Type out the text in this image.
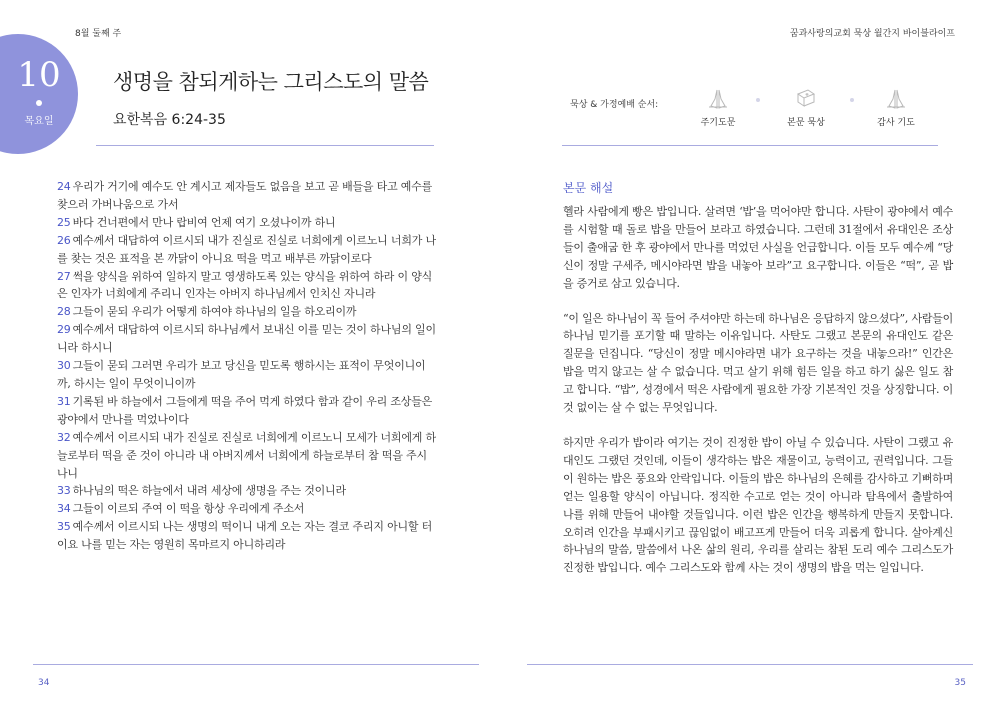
8월 둘째 주
10
목요일
생명을 참되게하는 그리스도의 말씀
요한복음 6:24-35
24 우리가 거기에 예수도 안 계시고 제자들도 없음을 보고 곧 배들을 타고 예수를 찾으러 가버나움으로 가서
25 바다 건너편에서 만나 랍비여 언제 여기 오셨나이까 하니
26 예수께서 대답하여 이르시되 내가 진실로 진실로 너희에게 이르노니 너희가 나를 찾는 것은 표적을 본 까닭이 아니요 떡을 먹고 배부른 까닭이로다
27 썩을 양식을 위하여 일하지 말고 영생하도록 있는 양식을 위하여 하라 이 양식은 인자가 너희에게 주리니 인자는 아버지 하나님께서 인치신 자니라
28 그들이 묻되 우리가 어떻게 하여야 하나님의 일을 하오리이까
29 예수께서 대답하여 이르시되 하나님께서 보내신 이를 믿는 것이 하나님의 일이니라 하시니
30 그들이 묻되 그러면 우리가 보고 당신을 믿도록 행하시는 표적이 무엇이니이까, 하시는 일이 무엇이니이까
31 기록된 바 하늘에서 그들에게 떡을 주어 먹게 하였다 함과 같이 우리 조상들은 광야에서 만나를 먹었나이다
32 예수께서 이르시되 내가 진실로 진실로 너희에게 이르노니 모세가 너희에게 하늘로부터 떡을 준 것이 아니라 내 아버지께서 너희에게 하늘로부터 참 떡을 주시나니
33 하나님의 떡은 하늘에서 내려 세상에 생명을 주는 것이니라
34 그들이 이르되 주여 이 떡을 항상 우리에게 주소서
35 예수께서 이르시되 나는 생명의 떡이니 내게 오는 자는 결코 주리지 아니할 터이요 나를 믿는 자는 영원히 목마르지 아니하리라
34
꿈과사랑의교회 묵상 월간지 바이블라이프
묵상 & 가정예배 순서:
주기도문	본문 묵상	감사 기도
본문 해설

헬라 사람에게 빵은 밥입니다. 살려면 ‘밥’을 먹어야만 합니다. 사탄이 광야에서 예수를 시험할 때 돌로 밥을 만들어 보라고 하였습니다. 그런데 31절에서 유대인은 조상들이 출애굽 한 후 광야에서 만나를 먹었던 사실을 언급합니다. 이들 모두 예수께 “당신이 정말 구세주, 메시야라면 밥을 내놓아 보라”고 요구합니다. 이들은 “떡”, 곧 밥을 증거로 삼고 있습니다.

“이 일은 하나님이 꼭 들어 주셔야만 하는데 하나님은 응답하지 않으셨다”, 사람들이 하나님 믿기를 포기할 때 말하는 이유입니다. 사탄도 그랬고 본문의 유대인도 같은 질문을 던집니다. “당신이 정말 메시야라면 내가 요구하는 것을 내놓으라!” 인간은 밥을 먹지 않고는 살 수 없습니다. 먹고 살기 위해 힘든 일을 하고 하기 싫은 일도 참고 합니다. “밥”, 성경에서 떡은 사람에게 필요한 가장 기본적인 것을 상징합니다. 이것 없이는 살 수 없는 무엇입니다.

하지만 우리가 밥이라 여기는 것이 진정한 밥이 아닐 수 있습니다. 사탄이 그랬고 유대인도 그랬던 것인데, 이들이 생각하는 밥은 재물이고, 능력이고, 권력입니다. 그들이 원하는 밥은 풍요와 안락입니다. 이들의 밥은 하나님의 은혜를 감사하고 기뻐하며 얻는 일용할 양식이 아닙니다. 정직한 수고로 얻는 것이 아니라 탐욕에서 출발하여 나를 위해 만들어 내야할 것들입니다. 이런 밥은 인간을 행복하게 만들지 못합니다. 오히려 인간을 부패시키고 끊임없이 배고프게 만들어 더욱 괴롭게 합니다. 살아계신 하나님의 말씀, 말씀에서 나온 삶의 원리, 우리를 살리는 참된 도리 예수 그리스도가 진정한 밥입니다. 예수 그리스도와 함께 사는 것이 생명의 밥을 먹는 일입니다.

35
